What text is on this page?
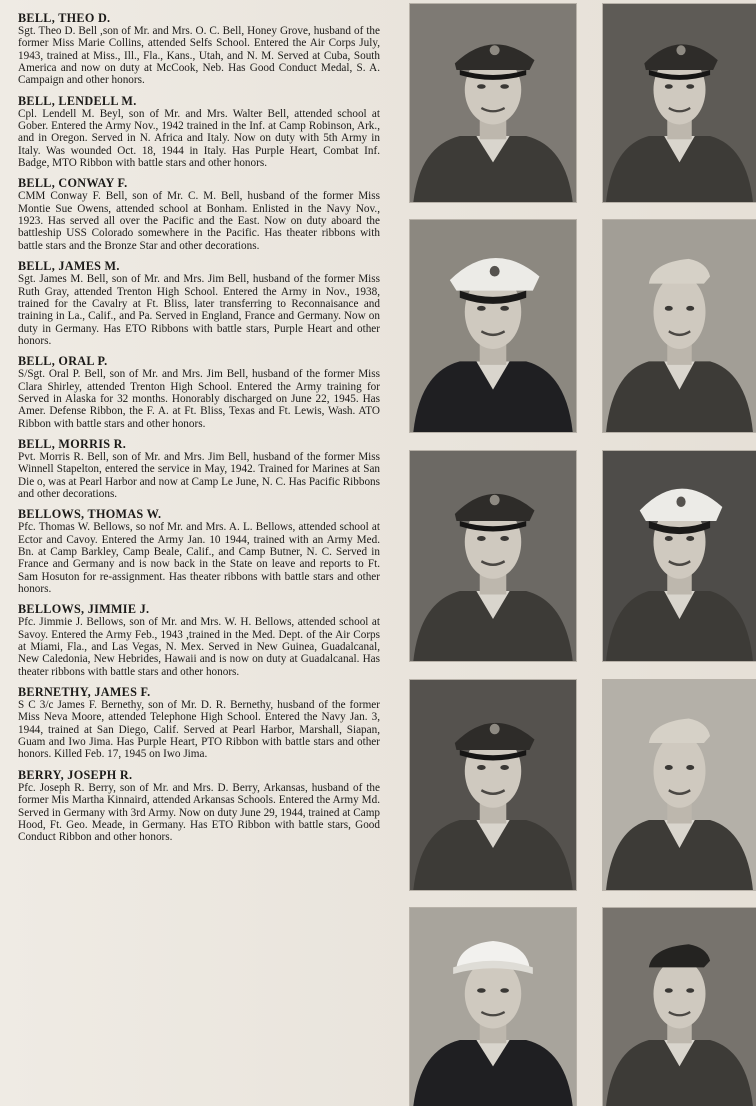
BELL, THEO D.

Sgt. Theo D. Bell ,son of Mr. and Mrs. O. C. Bell, Honey Grove, husband of the former Miss Marie Collins, attended Selfs School. Entered the Air Corps July, 1943, trained at Miss., Ill., Fla., Kans., Utah, and N. M. Served at Cuba, South America and now on duty at McCook, Neb. Has Good Conduct Medal, S. A. Campaign and other honors.

BELL, LENDELL M.

Cpl. Lendell M. Beyl, son of Mr. and Mrs. Walter Bell, attended school at Gober. Entered the Army Nov., 1942 trained in the Inf. at Camp Robinson, Ark., and in Oregon. Served in N. Africa and Italy. Now on duty with 5th Army in Italy. Was wounded Oct. 18, 1944 in Italy. Has Purple Heart, Combat Inf. Badge, MTO Ribbon with battle stars and other honors.

BELL, CONWAY F.

CMM Conway F. Bell, son of Mr. C. M. Bell, husband of the former Miss Montie Sue Owens, attended school at Bonham. Enlisted in the Navy Nov., 1923. Has served all over the Pacific and the East. Now on duty aboard the battleship USS Colorado somewhere in the Pacific. Has theater ribbons with battle stars and the Bronze Star and other decorations.

BELL, JAMES M.

Sgt. James M. Bell, son of Mr. and Mrs. Jim Bell, husband of the former Miss Ruth Gray, attended Trenton High School. Entered the Army in Nov., 1938, trained for the Cavalry at Ft. Bliss, later transferring to Reconnaisance and training in La., Calif., and Pa. Served in England, France and Germany. Now on duty in Germany. Has ETO Ribbons with battle stars, Purple Heart and other honors.

BELL, ORAL P.

S/Sgt. Oral P. Bell, son of Mr. and Mrs. Jim Bell, husband of the former Miss Clara Shirley, attended Trenton High School. Entered the Army training for Served in Alaska for 32 months. Honorably discharged on June 22, 1945. Has Amer. Defense Ribbon, the F. A. at Ft. Bliss, Texas and Ft. Lewis, Wash. ATO Ribbon with battle stars and other honors.

BELL, MORRIS R.

Pvt. Morris R. Bell, son of Mr. and Mrs. Jim Bell, husband of the former Miss Winnell Stapelton, entered the service in May, 1942. Trained for Marines at San Die o, was at Pearl Harbor and now at Camp Le June, N. C. Has Pacific Ribbons and other decorations.

BELLOWS, THOMAS W.

Pfc. Thomas W. Bellows, so nof Mr. and Mrs. A. L. Bellows, attended school at Ector and Cavoy. Entered the Army Jan. 10 1944, trained with an Army Med. Bn. at Camp Barkley, Camp Beale, Calif., and Camp Butner, N. C. Served in France and Germany and is now back in the State on leave and reports to Ft. Sam Hosuton for re-assignment. Has theater ribbons with battle stars and other honors.

BELLOWS, JIMMIE J.

Pfc. Jimmie J. Bellows, son of Mr. and Mrs. W. H. Bellows, attended school at Savoy. Entered the Army Feb., 1943 ,trained in the Med. Dept. of the Air Corps at Miami, Fla., and Las Vegas, N. Mex. Served in New Guinea, Guadalcanal, New Caledonia, New Hebrides, Hawaii and is now on duty at Guadalcanal. Has theater ribbons with battle stars and other honors.

BERNETHY, JAMES F.

S C 3/c James F. Bernethy, son of Mr. D. R. Bernethy, husband of the former Miss Neva Moore, attended Telephone High School. Entered the Navy Jan. 3, 1944, trained at San Diego, Calif. Served at Pearl Harbor, Marshall, Siapan, Guam and Iwo Jima. Has Purple Heart, PTO Ribbon with battle stars and other honors. Killed Feb. 17, 1945 on Iwo Jima.

BERRY, JOSEPH R.

Pfc. Joseph R. Berry, son of Mr. and Mrs. D. Berry, Arkansas, husband of the former Mis Martha Kinnaird, attended Arkansas Schools. Entered the Army Md. Served in Germany with 3rd Army. Now on duty June 29, 1944, trained at Camp Hood, Ft. Geo. Meade, in Germany. Has ETO Ribbon with battle stars, Good Conduct Ribbon and other honors.
